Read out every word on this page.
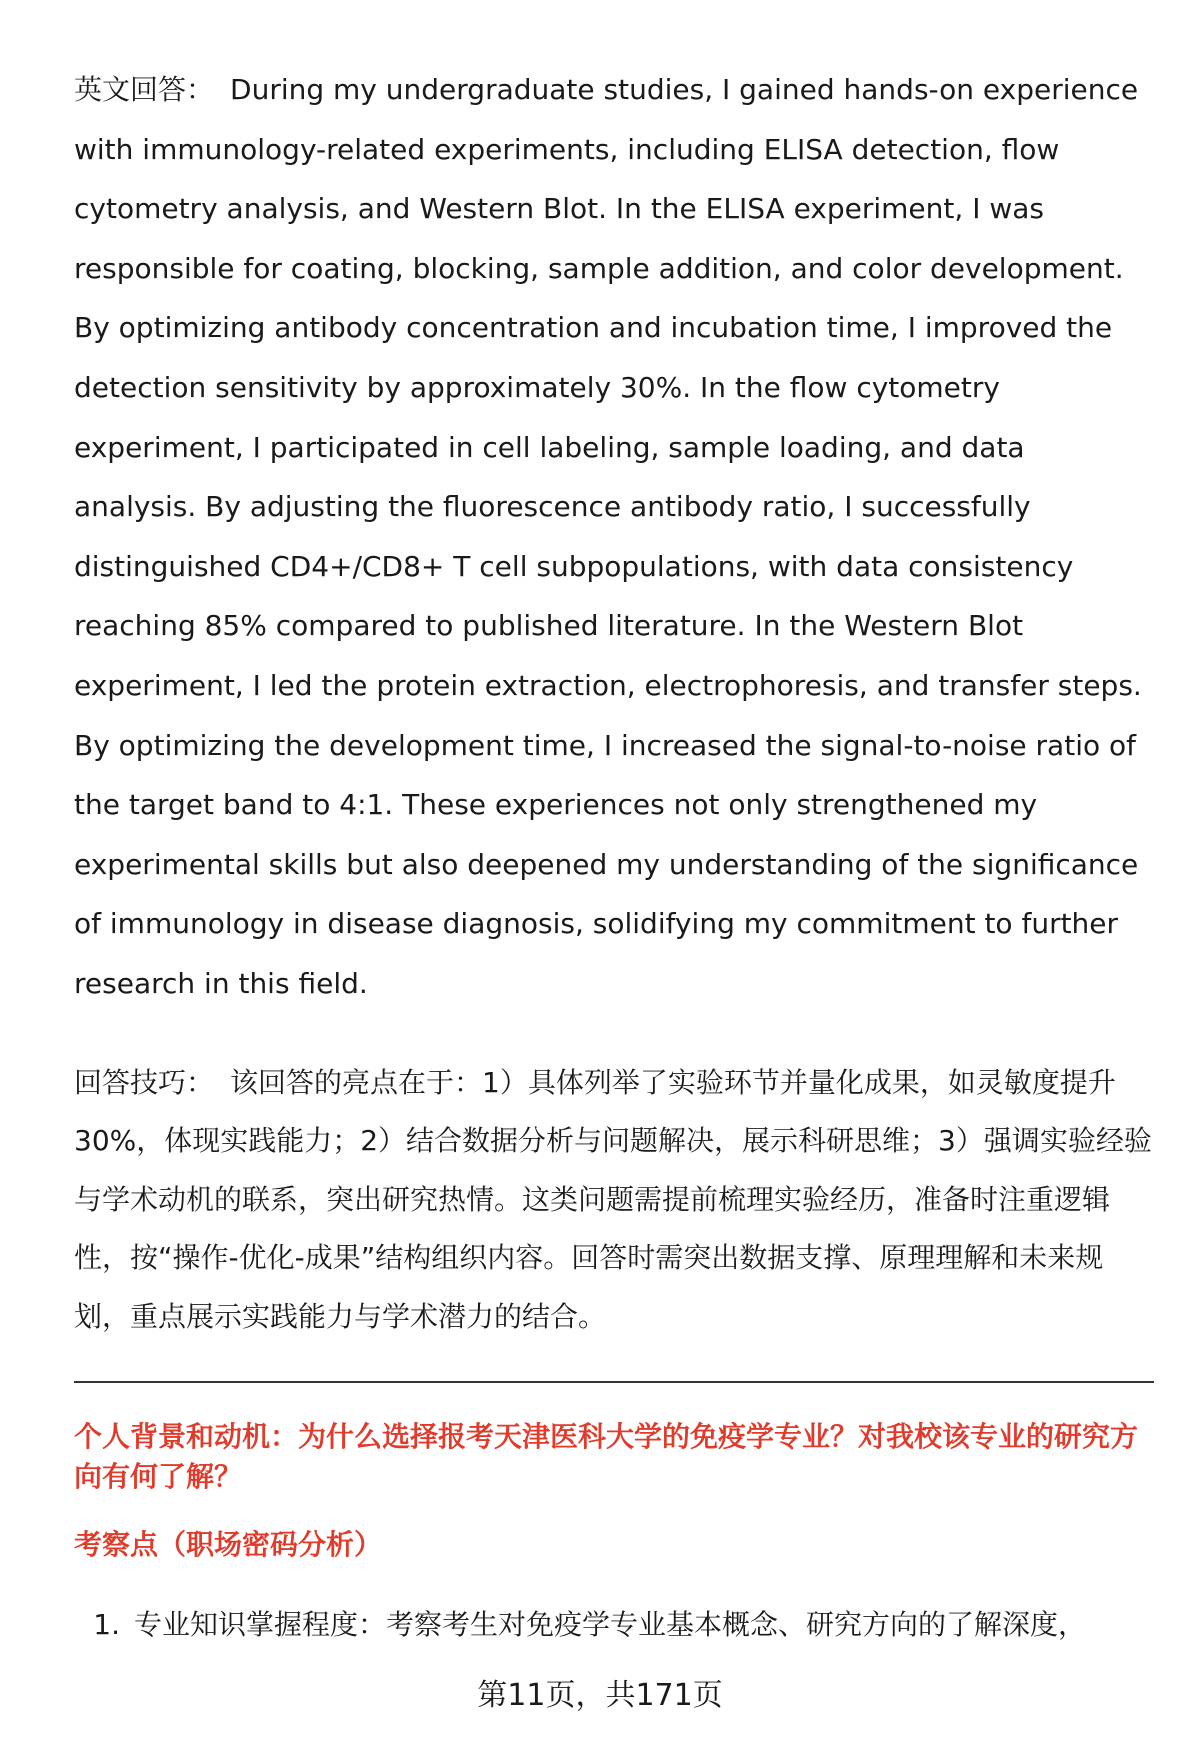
英文回答： During my undergraduate studies, I gained hands-on experience with immunology-related experiments, including ELISA detection, flow cytometry analysis, and Western Blot. In the ELISA experiment, I was responsible for coating, blocking, sample addition, and color development. By optimizing antibody concentration and incubation time, I improved the detection sensitivity by approximately 30%. In the flow cytometry experiment, I participated in cell labeling, sample loading, and data analysis. By adjusting the fluorescence antibody ratio, I successfully distinguished CD4+/CD8+ T cell subpopulations, with data consistency reaching 85% compared to published literature. In the Western Blot experiment, I led the protein extraction, electrophoresis, and transfer steps. By optimizing the development time, I increased the signal-to-noise ratio of the target band to 4:1. These experiences not only strengthened my experimental skills but also deepened my understanding of the significance of immunology in disease diagnosis, solidifying my commitment to further research in this field.

回答技巧： 该回答的亮点在于：1）具体列举了实验环节并量化成果，如灵敏度提升30%，体现实践能力；2）结合数据分析与问题解决，展示科研思维；3）强调实验经验与学术动机的联系，突出研究热情。这类问题需提前梳理实验经历，准备时注重逻辑性，按“操作-优化-成果”结构组织内容。回答时需突出数据支撑、原理理解和未来规划，重点展示实践能力与学术潜力的结合。

个人背景和动机：为什么选择报考天津医科大学的免疫学专业？对我校该专业的研究方向有何了解？
考察点（职场密码分析）
1. 专业知识掌握程度：考察考生对免疫学专业基本概念、研究方向的了解深度，
第11页，共171页
